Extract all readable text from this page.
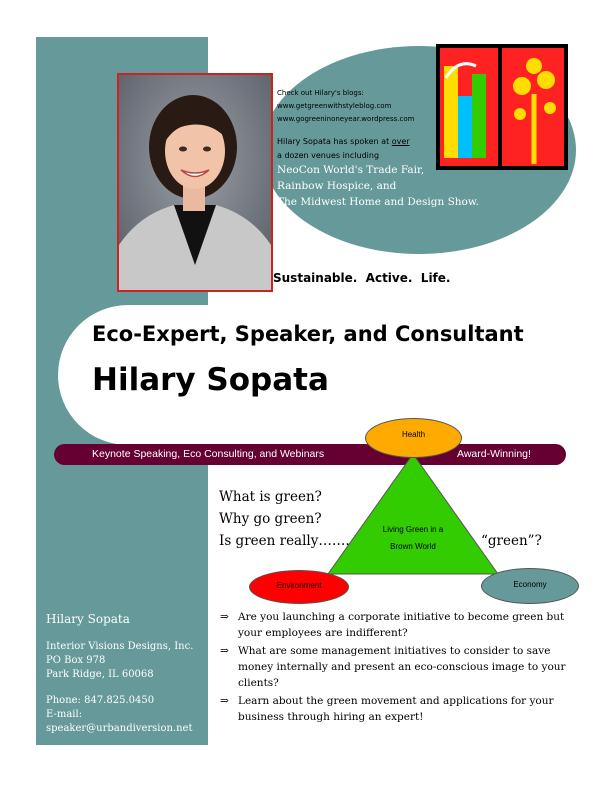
Check out Hilary's blogs:
www.getgreenwithstyleblog.com
www.gogreeninoneyear.wordpress.com
Hilary Sopata has spoken at over
a dozen venues including
NeoCon World's Trade Fair,
Rainbow Hospice, and
The Midwest Home and Design Show.
Sustainable.  Active.  Life.
Eco-Expert, Speaker, and Consultant
Hilary Sopata
Keynote Speaking, Eco Consulting, and Webinars	Award-Winning!
Health
Environment	Economy
Living Green in a
Brown World
What is green?
Why go green?
Is green really…….	“green”?
Hilary Sopata
Interior Visions Designs, Inc.
PO Box 978
Park Ridge, IL 60068
Phone: 847.825.0450
E-mail:
speaker@urbandiversion.net
⇒ Are you launching a corporate initiative to become green but your employees are indifferent?
⇒ What are some management initiatives to consider to save money internally and present an eco-conscious image to your clients?
⇒ Learn about the green movement and applications for your business through hiring an expert!
